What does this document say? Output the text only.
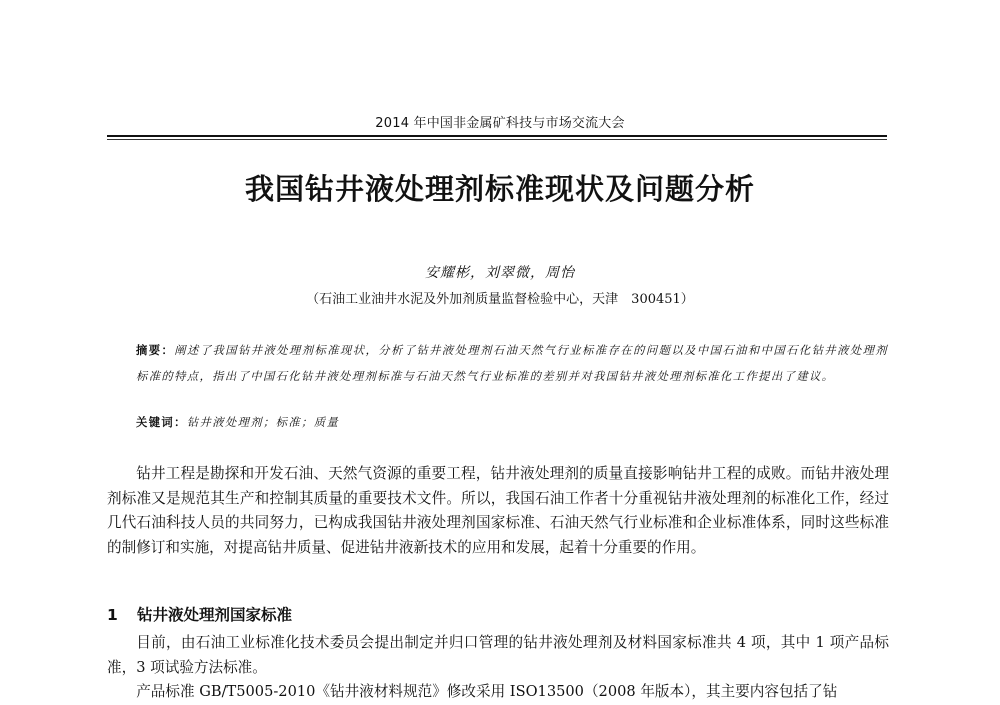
2014 年中国非金属矿科技与市场交流大会
我国钻井液处理剂标准现状及问题分析
安耀彬，刘翠微，周怡
（石油工业油井水泥及外加剂质量监督检验中心，天津　300451）
摘要：阐述了我国钻井液处理剂标准现状，分析了钻井液处理剂石油天然气行业标准存在的问题以及中国石油和中国石化钻井液处理剂标准的特点，指出了中国石化钻井液处理剂标准与石油天然气行业标准的差别并对我国钻井液处理剂标准化工作提出了建议。
关键词：钻井液处理剂；标准；质量

钻井工程是勘探和开发石油、天然气资源的重要工程，钻井液处理剂的质量直接影响钻井工程的成败。而钻井液处理剂标准又是规范其生产和控制其质量的重要技术文件。所以，我国石油工作者十分重视钻井液处理剂的标准化工作，经过几代石油科技人员的共同努力，已构成我国钻井液处理剂国家标准、石油天然气行业标准和企业标准体系，同时这些标准的制修订和实施，对提高钻井质量、促进钻井液新技术的应用和发展，起着十分重要的作用。

1 钻井液处理剂国家标准

目前，由石油工业标准化技术委员会提出制定并归口管理的钻井液处理剂及材料国家标准共 4 项，其中 1 项产品标准，3 项试验方法标准。

产品标准 GB/T5005-2010《钻井液材料规范》修改采用 ISO13500（2008 年版本），其主要内容包括了钻
